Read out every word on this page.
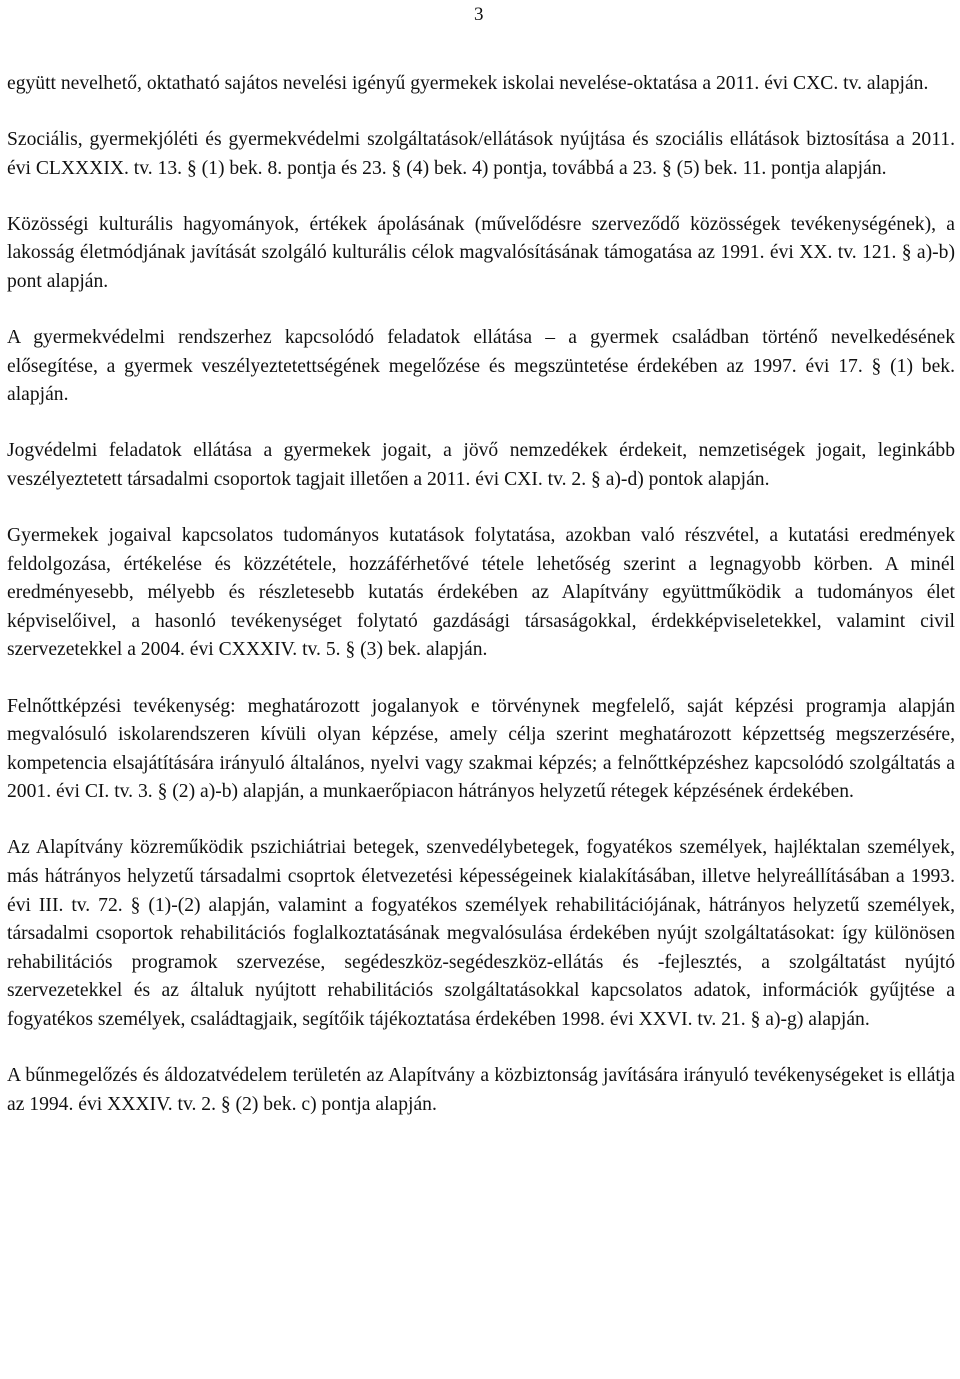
3

együtt nevelhető, oktatható sajátos nevelési igényű gyermekek iskolai nevelése-oktatása a 2011. évi CXC. tv. alapján.

Szociális, gyermekjóléti és gyermekvédelmi szolgáltatások/ellátások nyújtása és szociális ellátások biztosítása a 2011. évi CLXXXIX. tv. 13. § (1) bek. 8. pontja és 23. § (4) bek. 4) pontja, továbbá a 23. § (5) bek. 11. pontja alapján.

Közösségi kulturális hagyományok, értékek ápolásának (művelődésre szerveződő közösségek tevékenységének), a lakosság életmódjának javítását szolgáló kulturális célok magvalósításának támogatása az 1991. évi XX. tv. 121. § a)-b) pont alapján.

A gyermekvédelmi rendszerhez kapcsolódó feladatok ellátása – a gyermek családban történő nevelkedésének elősegítése, a gyermek veszélyeztetettségének megelőzése és megszüntetése érdekében az 1997. évi 17. § (1) bek. alapján.

Jogvédelmi feladatok ellátása a gyermekek jogait, a jövő nemzedékek érdekeit, nemzetiségek jogait, leginkább veszélyeztetett társadalmi csoportok tagjait illetően a 2011. évi CXI. tv. 2. § a)-d) pontok alapján.

Gyermekek jogaival kapcsolatos tudományos kutatások folytatása, azokban való részvétel, a kutatási eredmények feldolgozása, értékelése és közzététele, hozzáférhetővé tétele lehetőség szerint a legnagyobb körben. A minél eredményesebb, mélyebb és részletesebb kutatás érdekében az Alapítvány együttműködik a tudományos élet képviselőivel, a hasonló tevékenységet folytató gazdásági társaságokkal, érdekképviseletekkel, valamint civil szervezetekkel a 2004. évi CXXXIV. tv. 5. § (3) bek. alapján.

Felnőttképzési tevékenység: meghatározott jogalanyok e törvénynek megfelelő, saját képzési programja alapján megvalósuló iskolarendszeren kívüli olyan képzése, amely célja szerint meghatározott képzettség megszerzésére, kompetencia elsajátítására irányuló általános, nyelvi vagy szakmai képzés; a felnőttképzéshez kapcsolódó szolgáltatás a 2001. évi CI. tv. 3. § (2) a)-b) alapján, a munkaerőpiacon hátrányos helyzetű rétegek képzésének érdekében.

Az Alapítvány közreműködik pszichiátriai betegek, szenvedélybetegek, fogyatékos személyek, hajléktalan személyek, más hátrányos helyzetű társadalmi csoprtok életvezetési képességeinek kialakításában, illetve helyreállításában a 1993. évi III. tv. 72. § (1)-(2) alapján, valamint a fogyatékos személyek rehabilitációjának, hátrányos helyzetű személyek, társadalmi csoportok rehabilitációs foglalkoztatásának megvalósulása érdekében nyújt szolgáltatásokat: így különösen rehabilitációs programok szervezése, segédeszköz-segédeszköz-ellátás és -fejlesztés, a szolgáltatást nyújtó szervezetekkel és az általuk nyújtott rehabilitációs szolgáltatásokkal kapcsolatos adatok, információk gyűjtése a fogyatékos személyek, családtagjaik, segítőik tájékoztatása érdekében 1998. évi XXVI. tv. 21. § a)-g) alapján.

A bűnmegelőzés és áldozatvédelem területén az Alapítvány a közbiztonság javítására irányuló tevékenységeket is ellátja az 1994. évi XXXIV. tv. 2. § (2) bek. c) pontja alapján.
